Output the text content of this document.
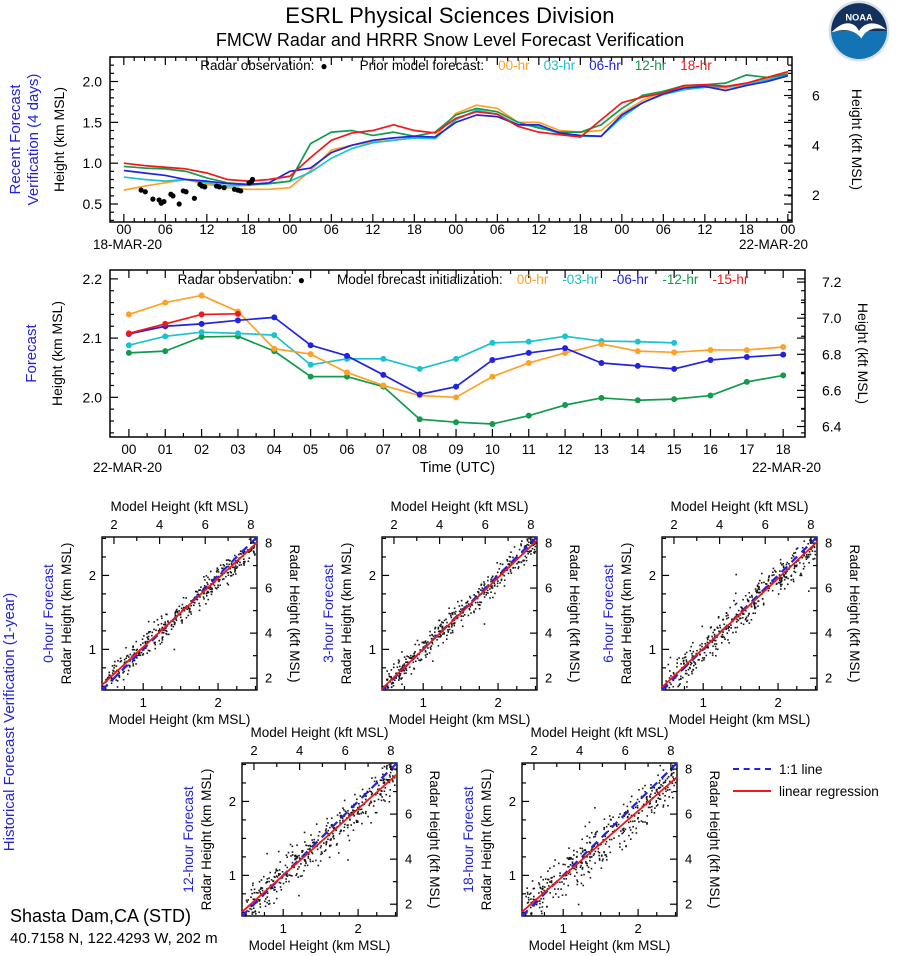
ESRL Physical Sciences Division
FMCW Radar and HRRR Snow Level Forecast Verification
NOAA
00 06 12 18 00 06 12 18 00 06 12 18 00 06 12 18 00
0.5
1.0
1.5
2.0
2
4
6
Height (km MSL)	Height (kft MSL)
Recent Forecast Verification (4 days)
18-MAR-20	22-MAR-20
00 01 02 03 04 05 06 07 08 09 10 11 12 13 14 15 16 17 18
2.0
2.1
2.2
6.4
6.6
6.8
7.0
7.2
Height (km MSL)	Height (kft MSL)
Forecast
22-MAR-20	22-MAR-20
Time (UTC)
1
1
2
2
2
2
4
4
6
6
8
8
Model Height (kft MSL)
Model Height (km MSL)
Radar Height (km MSL)
0-hour Forecast	Radar Height (kft MSL)
1
1
2
2
2
2
4
4
6
6
8
8
Model Height (kft MSL)
Model Height (km MSL)
Radar Height (km MSL)
3-hour Forecast	Radar Height (kft MSL)
1
1
2
2
2
2
4
4
6
6
8
8
Model Height (kft MSL)
Model Height (km MSL)
Radar Height (km MSL)
6-hour Forecast	Radar Height (kft MSL)
1
1
2
2
2
2
4
4
6
6
8
8
Model Height (kft MSL)
Model Height (km MSL)
Radar Height (km MSL)
12-hour Forecast	Radar Height (kft MSL)
1
1
2
2
2
2
4
4
6
6
8
8
Model Height (kft MSL)
Model Height (km MSL)
Radar Height (km MSL)
18-hour Forecast	Radar Height (kft MSL)
Historical Forecast Verification (1-year)
Radar observation: ● Prior model forecast: 00-hr 03-hr 06-hr 12-hr 18-hr
Radar observation: ● Model forecast initialization: 00-hr -03-hr -06-hr -12-hr -15-hr
1:1 line
linear regression
Shasta Dam,CA (STD)
40.7158 N, 122.4293 W, 202 m
